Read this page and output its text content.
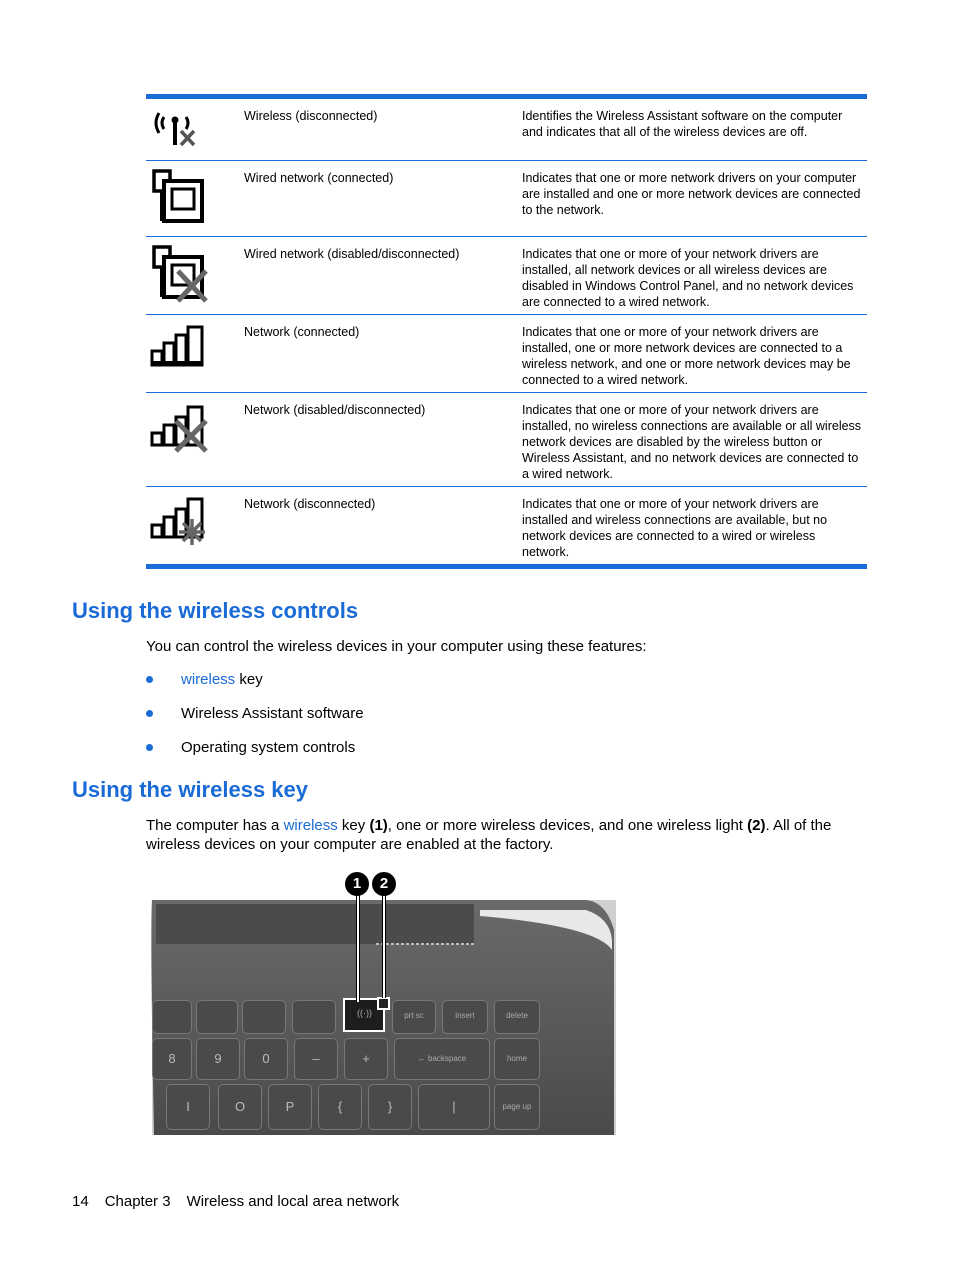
Wireless (disconnected)	Identifies the Wireless Assistant software on the computer and indicates that all of the wireless devices are off.
Wired network (connected)	Indicates that one or more network drivers on your computer are installed and one or more network devices are connected to the network.
Wired network (disabled/disconnected)	Indicates that one or more of your network drivers are installed, all network devices or all wireless devices are disabled in Windows Control Panel, and no network devices are connected to a wired network.
Network (connected)	Indicates that one or more of your network drivers are installed, one or more network devices are connected to a wireless network, and one or more network devices may be connected to a wired network.
Network (disabled/disconnected)	Indicates that one or more of your network drivers are installed, no wireless connections are available or all wireless network devices are disabled by the wireless button or Wireless Assistant, and no network devices are connected to a wired network.
Network (disconnected)	Indicates that one or more of your network drivers are installed and wireless connections are available, but no network devices are connected to a wired or wireless network.
Using the wireless controls

You can control the wireless devices in your computer using these features:

wireless key
Wireless Assistant software
Operating system controls
Using the wireless key

The computer has a wireless key (1), one or more wireless devices, and one wireless light (2). All of the wireless devices on your computer are enabled at the factory.

((·))	prt sc	insert	delete
8	9	0	–	+	← backspace	home
I	O	P	{	}	|	page up
1	2
14 Chapter 3 Wireless and local area network
